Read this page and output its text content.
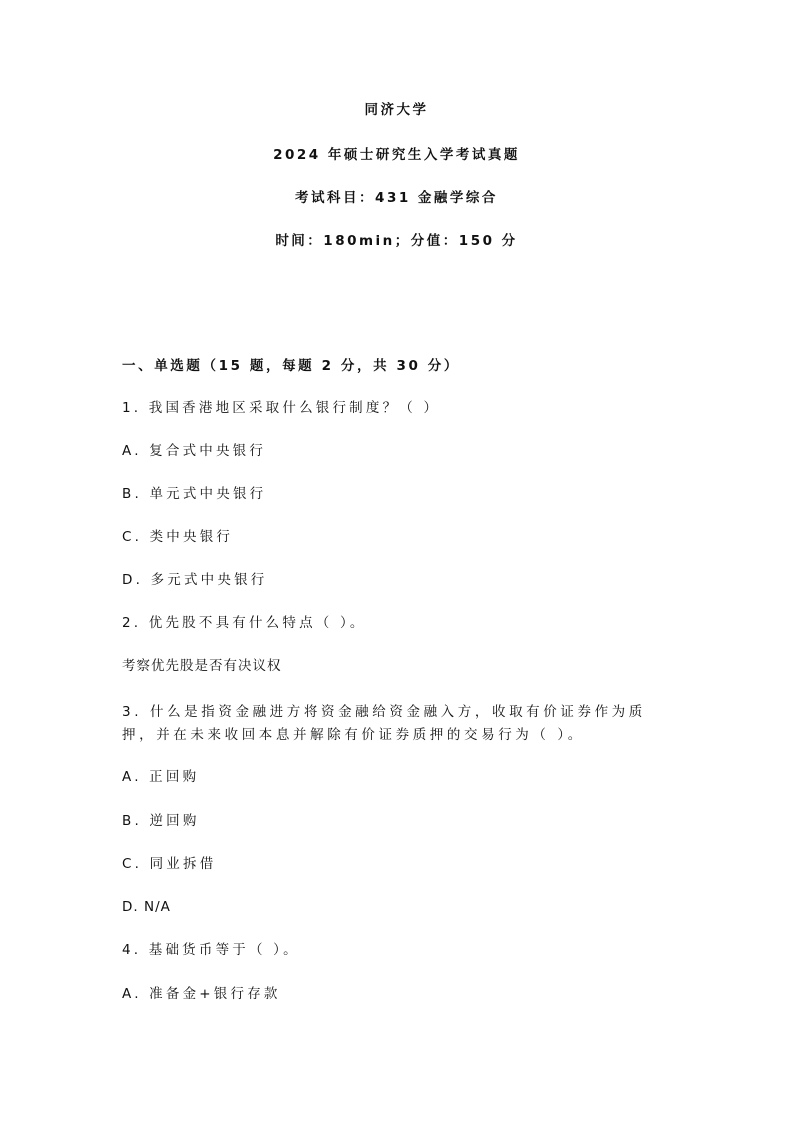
同济大学
2024 年硕士研究生入学考试真题
考试科目：431 金融学综合
时间：180min；分值：150 分
一、单选题（15 题，每题 2 分，共 30 分）
1. 我国香港地区采取什么银行制度？（ ）
A. 复合式中央银行
B. 单元式中央银行
C. 类中央银行
D. 多元式中央银行
2. 优先股不具有什么特点（ ）。
考察优先股是否有决议权
3. 什么是指资金融进方将资金融给资金融入方，收取有价证券作为质
押，并在未来收回本息并解除有价证券质押的交易行为（ ）。
A. 正回购
B. 逆回购
C. 同业拆借
D. N/A
4. 基础货币等于（ ）。
A. 准备金+银行存款
